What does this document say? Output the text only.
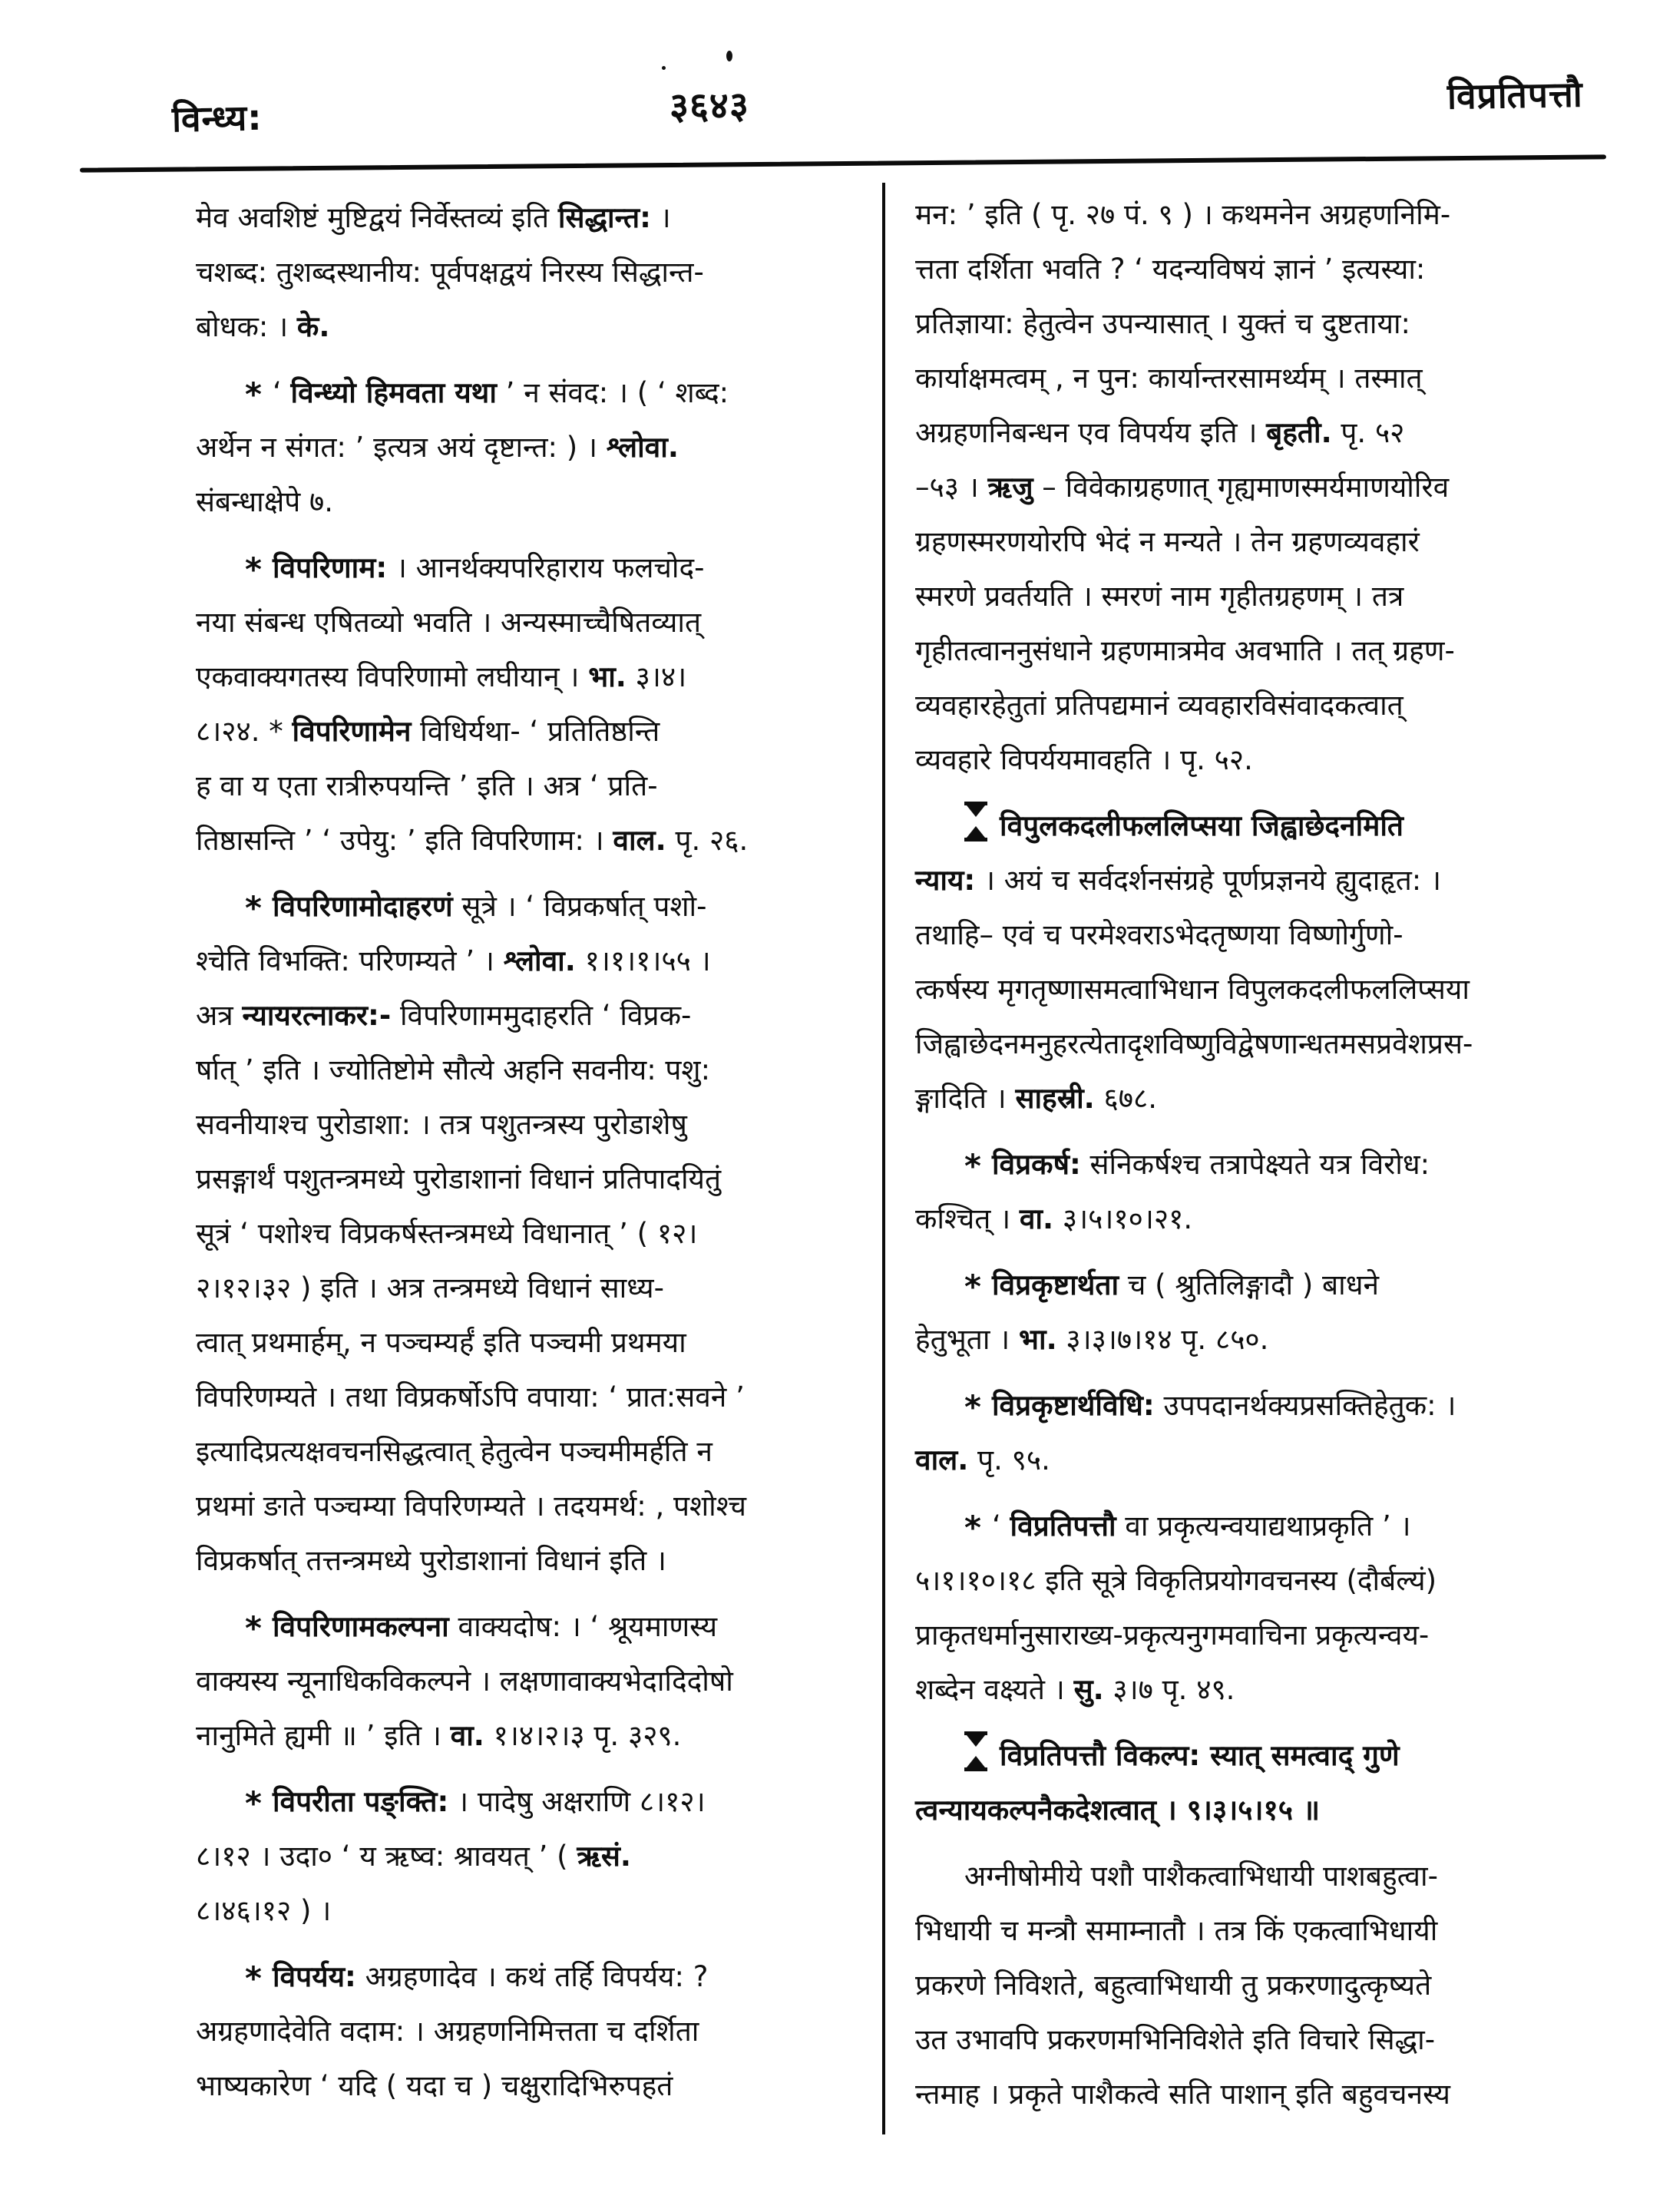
विन्ध्य:	३६४३	विप्रतिपत्तौ
मेव अवशिष्टं मुष्टिद्वयं निर्वेस्तव्यं इति सिद्धान्त: ।
चशब्द: तुशब्दस्थानीय: पूर्वपक्षद्वयं निरस्य सिद्धान्त-
बोधक: । के.
* ‘ विन्ध्यो हिमवता यथा ’ न संवद: । ( ‘ शब्द:
अर्थेन न संगत: ’ इत्यत्र अयं दृष्टान्त: ) । श्लोवा.
संबन्धाक्षेपे ७.
* विपरिणाम: । आनर्थक्यपरिहाराय फलचोद-
नया संबन्ध एषितव्यो भवति । अन्यस्माच्चैषितव्यात्
एकवाक्यगतस्य विपरिणामो लघीयान् । भा. ३।४।
८।२४. * विपरिणामेन विधिर्यथा- ‘ प्रतितिष्ठन्ति
ह वा य एता रात्रीरुपयन्ति ’ इति । अत्र ‘ प्रति-
तिष्ठासन्ति ’ ‘ उपेयु: ’ इति विपरिणाम: । वाल. पृ. २६.
* विपरिणामोदाहरणं सूत्रे । ‘ विप्रकर्षात् पशो-
श्चेति विभक्ति: परिणम्यते ’ । श्लोवा. १।१।१।५५ ।
अत्र न्यायरत्नाकर:- विपरिणाममुदाहरति ‘ विप्रक-
र्षात् ’ इति । ज्योतिष्टोमे सौत्ये अहनि सवनीय: पशु:
सवनीयाश्च पुरोडाशा: । तत्र पशुतन्त्रस्य पुरोडाशेषु
प्रसङ्गार्थं पशुतन्त्रमध्ये पुरोडाशानां विधानं प्रतिपादयितुं
सूत्रं ‘ पशोश्च विप्रकर्षस्तन्त्रमध्ये विधानात् ’ ( १२।
२।१२।३२ ) इति । अत्र तन्त्रमध्ये विधानं साध्य-
त्वात् प्रथमार्हम्, न पञ्चम्यर्हं इति पञ्चमी प्रथमया
विपरिणम्यते । तथा विप्रकर्षोऽपि वपाया: ‘ प्रात:सवने ’
इत्यादिप्रत्यक्षवचनसिद्धत्वात् हेतुत्वेन पञ्चमीमर्हति न
प्रथमां ङाते पञ्चम्या विपरिणम्यते । तदयमर्थ: , पशोश्च
विप्रकर्षात् तत्तन्त्रमध्ये पुरोडाशानां विधानं इति ।
* विपरिणामकल्पना वाक्यदोष: । ‘ श्रूयमाणस्य
वाक्यस्य न्यूनाधिकविकल्पने । लक्षणावाक्यभेदादिदोषो
नानुमिते ह्यमी ॥ ’ इति । वा. १।४।२।३ पृ. ३२९.
* विपरीता पङ्क्ति: । पादेषु अक्षराणि ८।१२।
८।१२ । उदा० ‘ य ऋष्व: श्रावयत् ’ ( ऋसं.
८।४६।१२ ) ।
* विपर्यय: अग्रहणादेव । कथं तर्हि विपर्यय: ?
अग्रहणादेवेति वदाम: । अग्रहणनिमित्तता च दर्शिता
भाष्यकारेण ‘ यदि ( यदा च ) चक्षुरादिभिरुपहतं
मन: ’ इति ( पृ. २७ पं. ९ ) । कथमनेन अग्रहणनिमि-
त्तता दर्शिता भवति ? ‘ यदन्यविषयं ज्ञानं ’ इत्यस्या:
प्रतिज्ञाया: हेतुत्वेन उपन्यासात् । युक्तं च दुष्टताया:
कार्याक्षमत्वम् , न पुन: कार्यान्तरसामर्थ्यम् । तस्मात्
अग्रहणनिबन्धन एव विपर्यय इति । बृहती. पृ. ५२
–५३ । ऋजु – विवेकाग्रहणात् गृह्यमाणस्मर्यमाणयोरिव
ग्रहणस्मरणयोरपि भेदं न मन्यते । तेन ग्रहणव्यवहारं
स्मरणे प्रवर्तयति । स्मरणं नाम गृहीतग्रहणम् । तत्र
गृहीतत्वाननुसंधाने ग्रहणमात्रमेव अवभाति । तत् ग्रहण-
व्यवहारहेतुतां प्रतिपद्यमानं व्यवहारविसंवादकत्वात्
व्यवहारे विपर्ययमावहति । पृ. ५२.
विपुलकदलीफललिप्सया जिह्वाछेदनमिति
न्याय: । अयं च सर्वदर्शनसंग्रहे पूर्णप्रज्ञनये ह्युदाहृत: ।
तथाहि– एवं च परमेश्वराऽभेदतृष्णया विष्णोर्गुणो-
त्कर्षस्य मृगतृष्णासमत्वाभिधान विपुलकदलीफललिप्सया
जिह्वाछेदनमनुहरत्येतादृशविष्णुविद्वेषणान्धतमसप्रवेशप्रस-
ङ्गादिति । साहस्री. ६७८.
* विप्रकर्ष: संनिकर्षश्च तत्रापेक्ष्यते यत्र विरोध:
कश्चित् । वा. ३।५।१०।२१.
* विप्रकृष्टार्थता च ( श्रुतिलिङ्गादौ ) बाधने
हेतुभूता । भा. ३।३।७।१४ पृ. ८५०.
* विप्रकृष्टार्थविधि: उपपदानर्थक्यप्रसक्तिहेतुक: ।
वाल. पृ. ९५.
* ‘ विप्रतिपत्तौ वा प्रकृत्यन्वयाद्यथाप्रकृति ’ ।
५।१।१०।१८ इति सूत्रे विकृतिप्रयोगवचनस्य (दौर्बल्यं)
प्राकृतधर्मानुसाराख्य-प्रकृत्यनुगमवाचिना प्रकृत्यन्वय-
शब्देन वक्ष्यते । सु. ३।७ पृ. ४९.
विप्रतिपत्तौ विकल्प: स्यात् समत्वाद् गुणे
त्वन्यायकल्पनैकदेशत्वात् । ९।३।५।१५ ॥
अग्नीषोमीये पशौ पाशैकत्वाभिधायी पाशबहुत्वा-
भिधायी च मन्त्रौ समाम्नातौ । तत्र किं एकत्वाभिधायी
प्रकरणे निविशते, बहुत्वाभिधायी तु प्रकरणादुत्कृष्यते
उत उभावपि प्रकरणमभिनिविशेते इति विचारे सिद्धा-
न्तमाह । प्रकृते पाशैकत्वे सति पाशान् इति बहुवचनस्य
